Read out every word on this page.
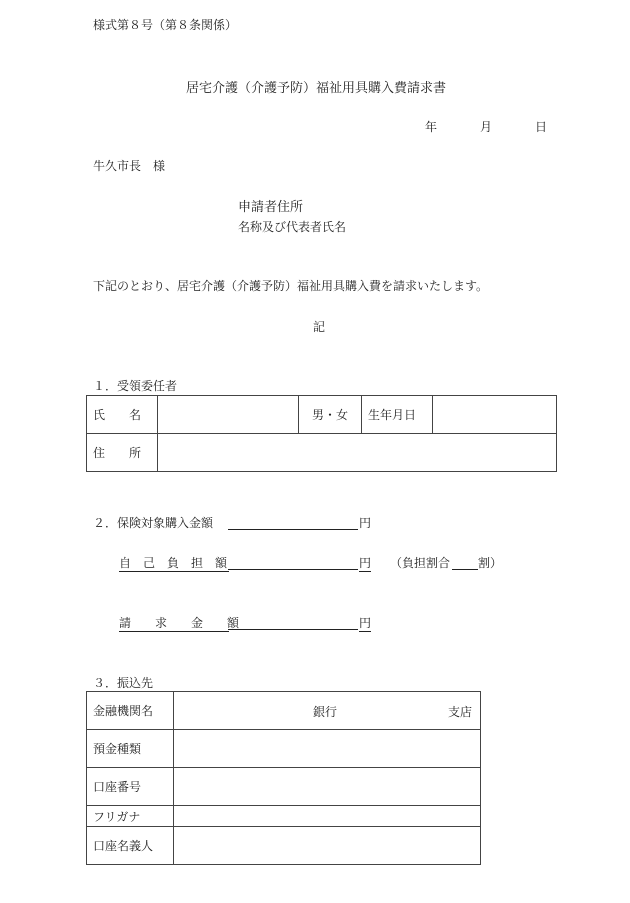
様式第８号（第８条関係）
居宅介護（介護予防）福祉用具購入費請求書
年	月	日
牛久市長　様
申請者住所
名称及び代表者氏名
下記のとおり、居宅介護（介護予防）福祉用具購入費を請求いたします。
記
１．受領委任者
氏　　名		男・女	生年月日	
住　　所				
２．保険対象購入金額	円
自　己　負　担　額	円 （負担割合 割）
請　　求　　金　　額	円
３．振込先
金融機関名	銀行 支店

預金種類	
口座番号	
フリガナ	
口座名義人	
